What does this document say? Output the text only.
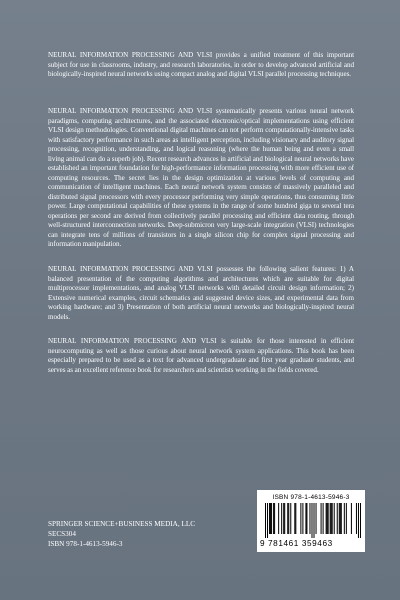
NEURAL INFORMATION PROCESSING AND VLSI provides a unified treatment of this important subject for use in classrooms, industry, and research laboratories, in order to develop advanced artificial and biologically-inspired neural networks using compact analog and digital VLSI parallel processing techniques.

NEURAL INFORMATION PROCESSING AND VLSI systematically presents various neural network paradigms, computing architectures, and the associated electronic/optical implementations using efficient VLSI design methodologies. Conventional digital machines can not perform computationally-intensive tasks with satisfactory performance in such areas as intelligent perception, including visionary and auditory signal processing, recognition, understanding, and logical reasoning (where the human being and even a small living animal can do a superb job). Recent research advances in artificial and biological neural networks have established an important foundation for high-performance information processing with more efficient use of computing resources. The secret lies in the design optimization at various levels of computing and communication of intelligent machines. Each neural network system consists of massively paralleled and distributed signal processors with every processor performing very simple operations, thus consuming little power. Large computational capabilities of these systems in the range of some hundred giga to several tera operations per second are derived from collectively parallel processing and efficient data routing, through well-structured interconnection networks. Deep-submicron very large-scale integration (VLSI) technologies can integrate tens of millions of transistors in a single silicon chip for complex signal processing and information manipulation.

NEURAL INFORMATION PROCESSING AND VLSI possesses the following salient features: 1) A balanced presentation of the computing algorithms and architectures which are suitable for digital multiprocessor implementations, and analog VLSI networks with detailed circuit design information; 2) Extensive numerical examples, circuit schematics and suggested device sizes, and experimental data from working hardware; and 3) Presentation of both artificial neural networks and biologically-inspired neural models.

NEURAL INFORMATION PROCESSING AND VLSI is suitable for those interested in efficient neurocomputing as well as those curious about neural network system applications. This book has been especially prepared to be used as a text for advanced undergraduate and first year graduate students, and serves as an excellent reference book for researchers and scientists working in the fields covered.

SPRINGER SCIENCE+BUSINESS MEDIA, LLC
SECS304
ISBN 978-1-4613-5946-3
ISBN 978-1-4613-5946-3
9 781461 359463
